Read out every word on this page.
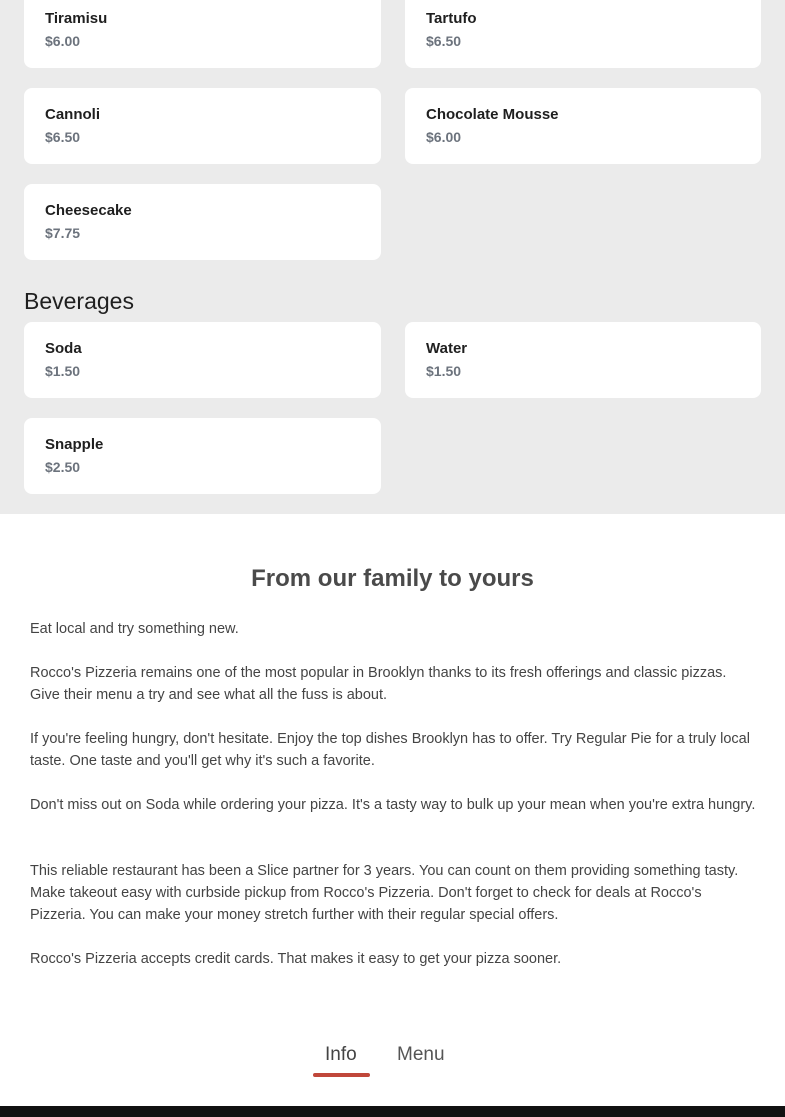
Tiramisu
$6.00
Tartufo
$6.50
Cannoli
$6.50
Chocolate Mousse
$6.00
Cheesecake
$7.75
Beverages
Soda
$1.50
Water
$1.50
Snapple
$2.50
From our family to yours

Eat local and try something new.

Rocco's Pizzeria remains one of the most popular in Brooklyn thanks to its fresh offerings and classic pizzas. Give their menu a try and see what all the fuss is about.

If you're feeling hungry, don't hesitate. Enjoy the top dishes Brooklyn has to offer. Try Regular Pie for a truly local taste. One taste and you'll get why it's such a favorite.

Don't miss out on Soda while ordering your pizza. It's a tasty way to bulk up your mean when you're extra hungry.

This reliable restaurant has been a Slice partner for 3 years. You can count on them providing something tasty. Make takeout easy with curbside pickup from Rocco's Pizzeria. Don't forget to check for deals at Rocco's Pizzeria. You can make your money stretch further with their regular special offers.

Rocco's Pizzeria accepts credit cards. That makes it easy to get your pizza sooner.

Info Menu
